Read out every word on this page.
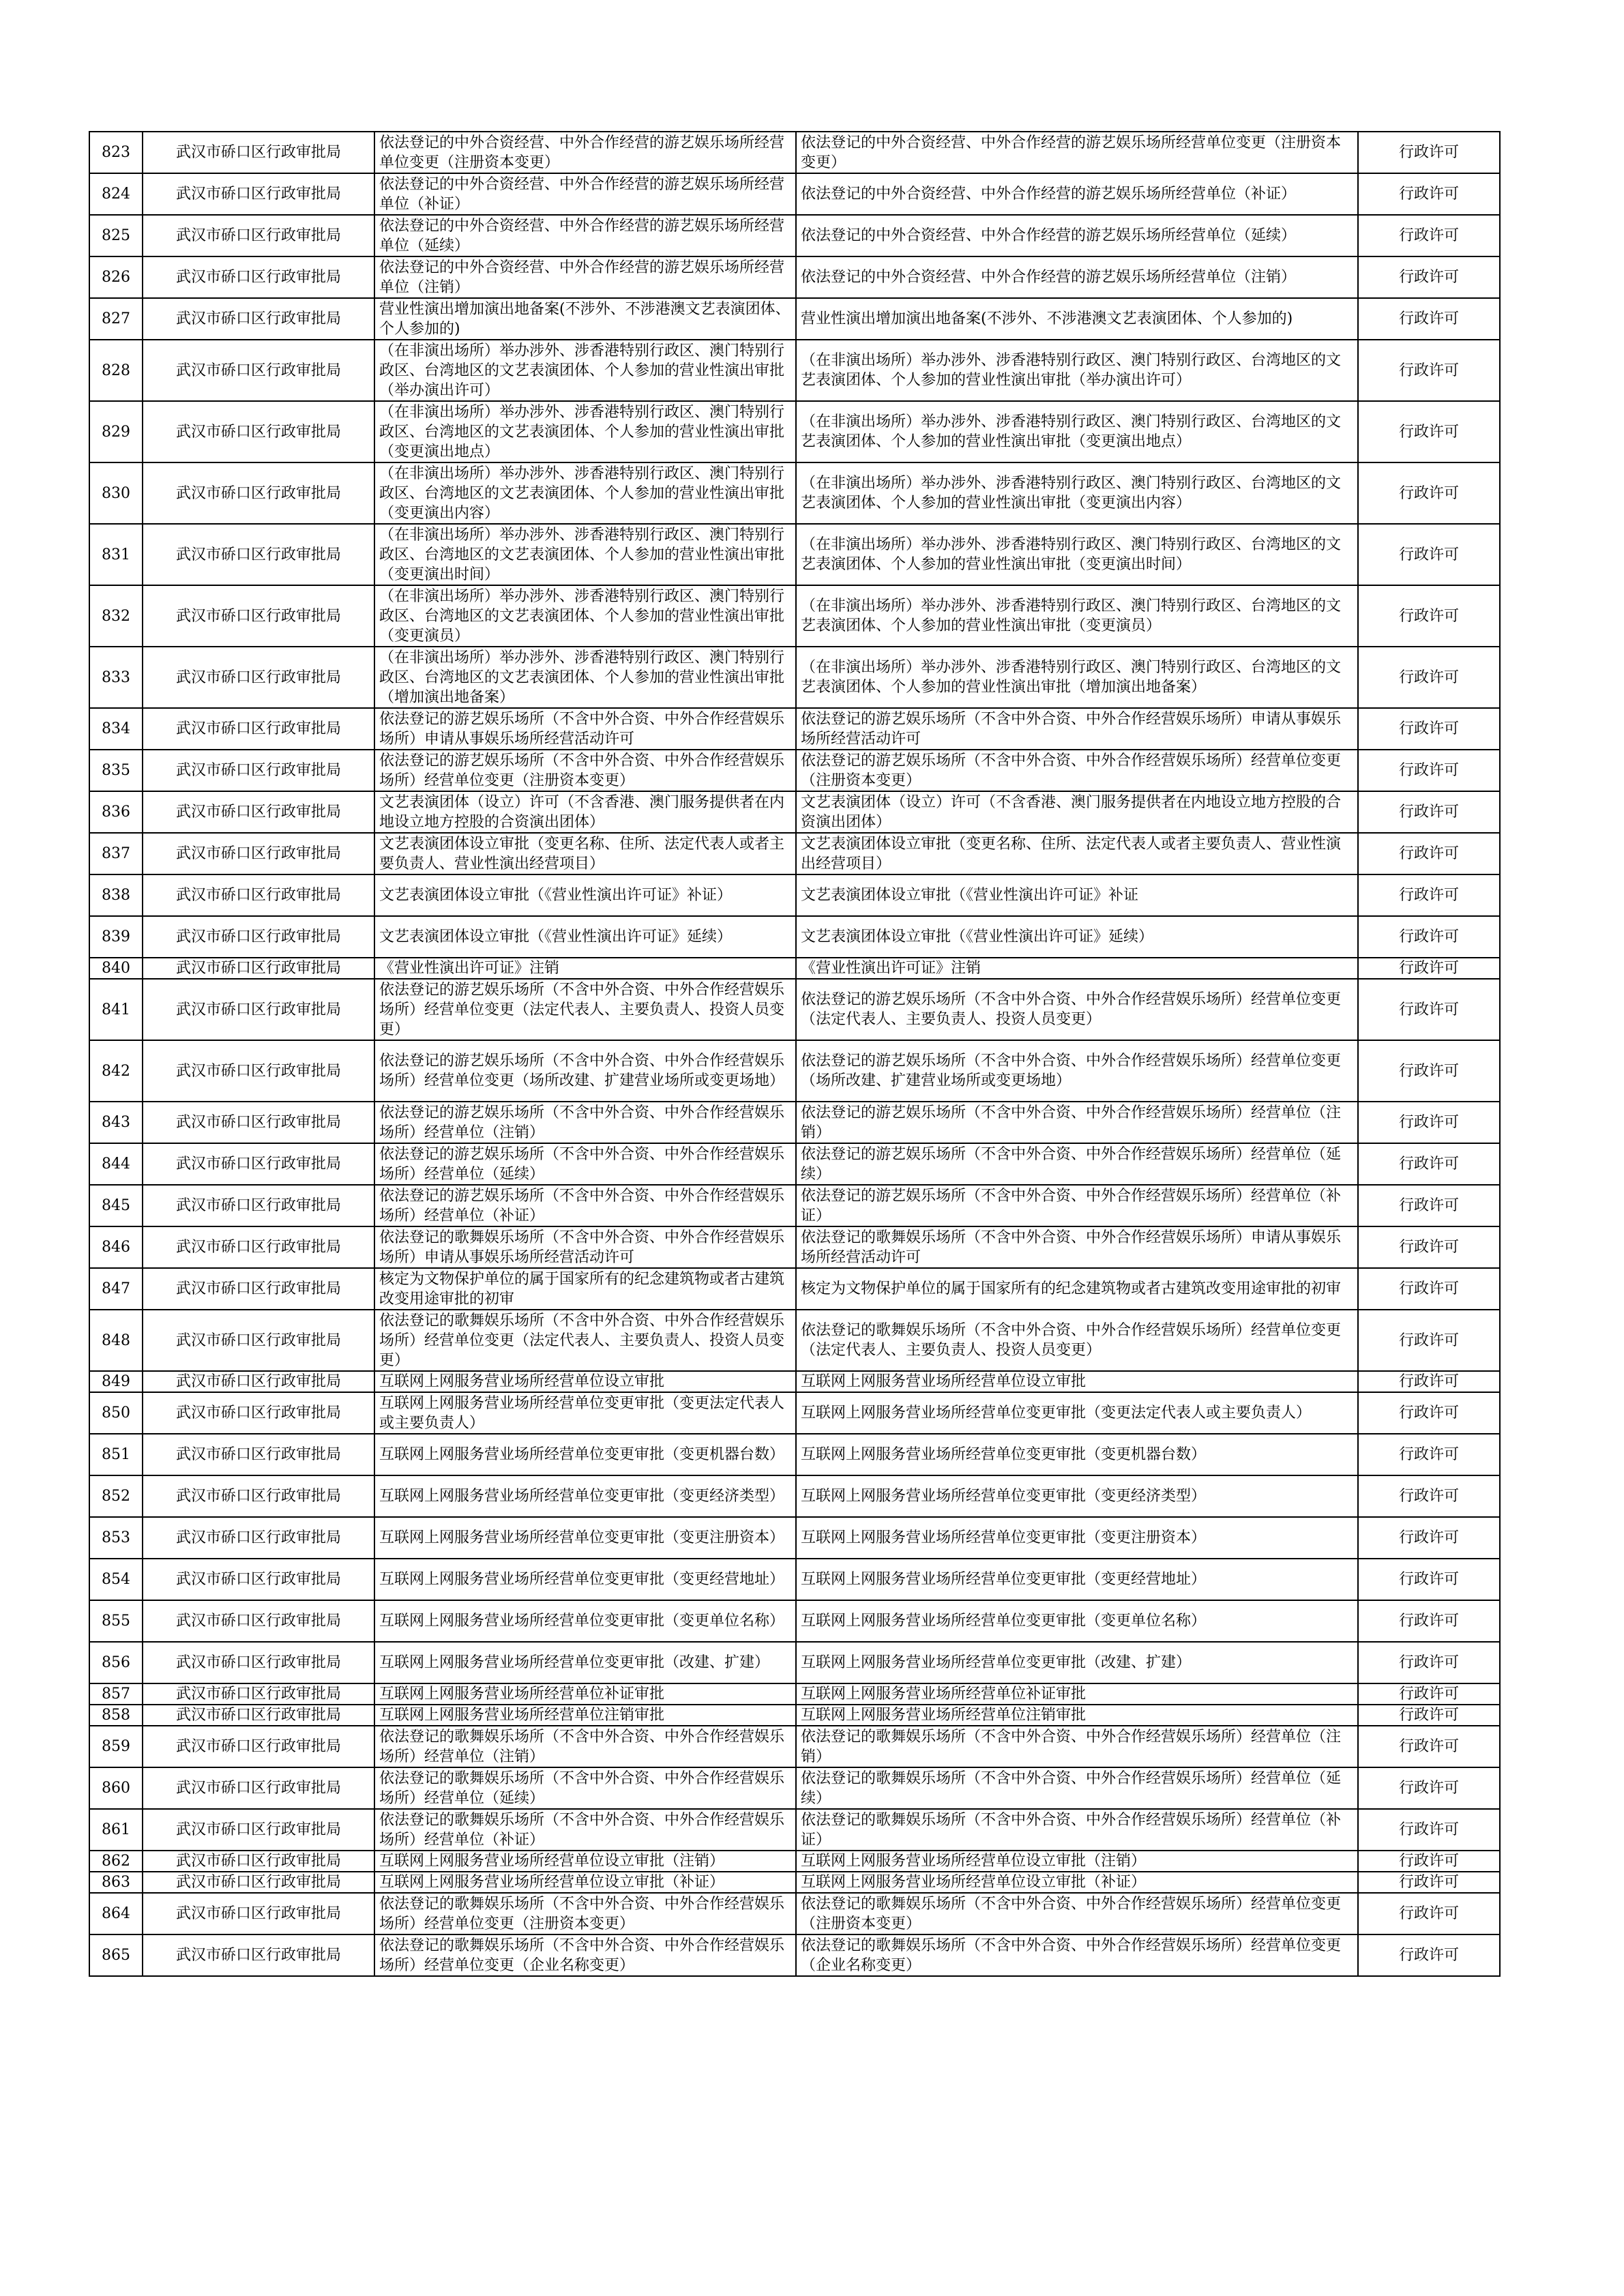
823	武汉市硚口区行政审批局	依法登记的中外合资经营、中外合作经营的游艺娱乐场所经营单位变更（注册资本变更）	依法登记的中外合资经营、中外合作经营的游艺娱乐场所经营单位变更（注册资本变更）	行政许可
824	武汉市硚口区行政审批局	依法登记的中外合资经营、中外合作经营的游艺娱乐场所经营单位（补证）	依法登记的中外合资经营、中外合作经营的游艺娱乐场所经营单位（补证）	行政许可
825	武汉市硚口区行政审批局	依法登记的中外合资经营、中外合作经营的游艺娱乐场所经营单位（延续）	依法登记的中外合资经营、中外合作经营的游艺娱乐场所经营单位（延续）	行政许可
826	武汉市硚口区行政审批局	依法登记的中外合资经营、中外合作经营的游艺娱乐场所经营单位（注销）	依法登记的中外合资经营、中外合作经营的游艺娱乐场所经营单位（注销）	行政许可
827	武汉市硚口区行政审批局	营业性演出增加演出地备案(不涉外、不涉港澳文艺表演团体、个人参加的)	营业性演出增加演出地备案(不涉外、不涉港澳文艺表演团体、个人参加的)	行政许可
828	武汉市硚口区行政审批局	（在非演出场所）举办涉外、涉香港特别行政区、澳门特别行政区、台湾地区的文艺表演团体、个人参加的营业性演出审批（举办演出许可）	（在非演出场所）举办涉外、涉香港特别行政区、澳门特别行政区、台湾地区的文艺表演团体、个人参加的营业性演出审批（举办演出许可）	行政许可
829	武汉市硚口区行政审批局	（在非演出场所）举办涉外、涉香港特别行政区、澳门特别行政区、台湾地区的文艺表演团体、个人参加的营业性演出审批（变更演出地点）	（在非演出场所）举办涉外、涉香港特别行政区、澳门特别行政区、台湾地区的文艺表演团体、个人参加的营业性演出审批（变更演出地点）	行政许可
830	武汉市硚口区行政审批局	（在非演出场所）举办涉外、涉香港特别行政区、澳门特别行政区、台湾地区的文艺表演团体、个人参加的营业性演出审批（变更演出内容）	（在非演出场所）举办涉外、涉香港特别行政区、澳门特别行政区、台湾地区的文艺表演团体、个人参加的营业性演出审批（变更演出内容）	行政许可
831	武汉市硚口区行政审批局	（在非演出场所）举办涉外、涉香港特别行政区、澳门特别行政区、台湾地区的文艺表演团体、个人参加的营业性演出审批（变更演出时间）	（在非演出场所）举办涉外、涉香港特别行政区、澳门特别行政区、台湾地区的文艺表演团体、个人参加的营业性演出审批（变更演出时间）	行政许可
832	武汉市硚口区行政审批局	（在非演出场所）举办涉外、涉香港特别行政区、澳门特别行政区、台湾地区的文艺表演团体、个人参加的营业性演出审批（变更演员）	（在非演出场所）举办涉外、涉香港特别行政区、澳门特别行政区、台湾地区的文艺表演团体、个人参加的营业性演出审批（变更演员）	行政许可
833	武汉市硚口区行政审批局	（在非演出场所）举办涉外、涉香港特别行政区、澳门特别行政区、台湾地区的文艺表演团体、个人参加的营业性演出审批（增加演出地备案）	（在非演出场所）举办涉外、涉香港特别行政区、澳门特别行政区、台湾地区的文艺表演团体、个人参加的营业性演出审批（增加演出地备案）	行政许可
834	武汉市硚口区行政审批局	依法登记的游艺娱乐场所（不含中外合资、中外合作经营娱乐场所）申请从事娱乐场所经营活动许可	依法登记的游艺娱乐场所（不含中外合资、中外合作经营娱乐场所）申请从事娱乐场所经营活动许可	行政许可
835	武汉市硚口区行政审批局	依法登记的游艺娱乐场所（不含中外合资、中外合作经营娱乐场所）经营单位变更（注册资本变更）	依法登记的游艺娱乐场所（不含中外合资、中外合作经营娱乐场所）经营单位变更（注册资本变更）	行政许可
836	武汉市硚口区行政审批局	文艺表演团体（设立）许可（不含香港、澳门服务提供者在内地设立地方控股的合资演出团体）	文艺表演团体（设立）许可（不含香港、澳门服务提供者在内地设立地方控股的合资演出团体）	行政许可
837	武汉市硚口区行政审批局	文艺表演团体设立审批（变更名称、住所、法定代表人或者主要负责人、营业性演出经营项目）	文艺表演团体设立审批（变更名称、住所、法定代表人或者主要负责人、营业性演出经营项目）	行政许可
838	武汉市硚口区行政审批局	文艺表演团体设立审批（《营业性演出许可证》补证）	文艺表演团体设立审批（《营业性演出许可证》补证	行政许可
839	武汉市硚口区行政审批局	文艺表演团体设立审批（《营业性演出许可证》延续）	文艺表演团体设立审批（《营业性演出许可证》延续）	行政许可
840	武汉市硚口区行政审批局	《营业性演出许可证》注销	《营业性演出许可证》注销	行政许可
841	武汉市硚口区行政审批局	依法登记的游艺娱乐场所（不含中外合资、中外合作经营娱乐场所）经营单位变更（法定代表人、主要负责人、投资人员变更）	依法登记的游艺娱乐场所（不含中外合资、中外合作经营娱乐场所）经营单位变更（法定代表人、主要负责人、投资人员变更）	行政许可
842	武汉市硚口区行政审批局	依法登记的游艺娱乐场所（不含中外合资、中外合作经营娱乐场所）经营单位变更（场所改建、扩建营业场所或变更场地）	依法登记的游艺娱乐场所（不含中外合资、中外合作经营娱乐场所）经营单位变更（场所改建、扩建营业场所或变更场地）	行政许可
843	武汉市硚口区行政审批局	依法登记的游艺娱乐场所（不含中外合资、中外合作经营娱乐场所）经营单位（注销）	依法登记的游艺娱乐场所（不含中外合资、中外合作经营娱乐场所）经营单位（注销）	行政许可
844	武汉市硚口区行政审批局	依法登记的游艺娱乐场所（不含中外合资、中外合作经营娱乐场所）经营单位（延续）	依法登记的游艺娱乐场所（不含中外合资、中外合作经营娱乐场所）经营单位（延续）	行政许可
845	武汉市硚口区行政审批局	依法登记的游艺娱乐场所（不含中外合资、中外合作经营娱乐场所）经营单位（补证）	依法登记的游艺娱乐场所（不含中外合资、中外合作经营娱乐场所）经营单位（补证）	行政许可
846	武汉市硚口区行政审批局	依法登记的歌舞娱乐场所（不含中外合资、中外合作经营娱乐场所）申请从事娱乐场所经营活动许可	依法登记的歌舞娱乐场所（不含中外合资、中外合作经营娱乐场所）申请从事娱乐场所经营活动许可	行政许可
847	武汉市硚口区行政审批局	核定为文物保护单位的属于国家所有的纪念建筑物或者古建筑改变用途审批的初审	核定为文物保护单位的属于国家所有的纪念建筑物或者古建筑改变用途审批的初审	行政许可
848	武汉市硚口区行政审批局	依法登记的歌舞娱乐场所（不含中外合资、中外合作经营娱乐场所）经营单位变更（法定代表人、主要负责人、投资人员变更）	依法登记的歌舞娱乐场所（不含中外合资、中外合作经营娱乐场所）经营单位变更（法定代表人、主要负责人、投资人员变更）	行政许可
849	武汉市硚口区行政审批局	互联网上网服务营业场所经营单位设立审批	互联网上网服务营业场所经营单位设立审批	行政许可
850	武汉市硚口区行政审批局	互联网上网服务营业场所经营单位变更审批（变更法定代表人或主要负责人）	互联网上网服务营业场所经营单位变更审批（变更法定代表人或主要负责人）	行政许可
851	武汉市硚口区行政审批局	互联网上网服务营业场所经营单位变更审批（变更机器台数）	互联网上网服务营业场所经营单位变更审批（变更机器台数）	行政许可
852	武汉市硚口区行政审批局	互联网上网服务营业场所经营单位变更审批（变更经济类型）	互联网上网服务营业场所经营单位变更审批（变更经济类型）	行政许可
853	武汉市硚口区行政审批局	互联网上网服务营业场所经营单位变更审批（变更注册资本）	互联网上网服务营业场所经营单位变更审批（变更注册资本）	行政许可
854	武汉市硚口区行政审批局	互联网上网服务营业场所经营单位变更审批（变更经营地址）	互联网上网服务营业场所经营单位变更审批（变更经营地址）	行政许可
855	武汉市硚口区行政审批局	互联网上网服务营业场所经营单位变更审批（变更单位名称）	互联网上网服务营业场所经营单位变更审批（变更单位名称）	行政许可
856	武汉市硚口区行政审批局	互联网上网服务营业场所经营单位变更审批（改建、扩建）	互联网上网服务营业场所经营单位变更审批（改建、扩建）	行政许可
857	武汉市硚口区行政审批局	互联网上网服务营业场所经营单位补证审批	互联网上网服务营业场所经营单位补证审批	行政许可
858	武汉市硚口区行政审批局	互联网上网服务营业场所经营单位注销审批	互联网上网服务营业场所经营单位注销审批	行政许可
859	武汉市硚口区行政审批局	依法登记的歌舞娱乐场所（不含中外合资、中外合作经营娱乐场所）经营单位（注销）	依法登记的歌舞娱乐场所（不含中外合资、中外合作经营娱乐场所）经营单位（注销）	行政许可
860	武汉市硚口区行政审批局	依法登记的歌舞娱乐场所（不含中外合资、中外合作经营娱乐场所）经营单位（延续）	依法登记的歌舞娱乐场所（不含中外合资、中外合作经营娱乐场所）经营单位（延续）	行政许可
861	武汉市硚口区行政审批局	依法登记的歌舞娱乐场所（不含中外合资、中外合作经营娱乐场所）经营单位（补证）	依法登记的歌舞娱乐场所（不含中外合资、中外合作经营娱乐场所）经营单位（补证）	行政许可
862	武汉市硚口区行政审批局	互联网上网服务营业场所经营单位设立审批（注销）	互联网上网服务营业场所经营单位设立审批（注销）	行政许可
863	武汉市硚口区行政审批局	互联网上网服务营业场所经营单位设立审批（补证）	互联网上网服务营业场所经营单位设立审批（补证）	行政许可
864	武汉市硚口区行政审批局	依法登记的歌舞娱乐场所（不含中外合资、中外合作经营娱乐场所）经营单位变更（注册资本变更）	依法登记的歌舞娱乐场所（不含中外合资、中外合作经营娱乐场所）经营单位变更（注册资本变更）	行政许可
865	武汉市硚口区行政审批局	依法登记的歌舞娱乐场所（不含中外合资、中外合作经营娱乐场所）经营单位变更（企业名称变更）	依法登记的歌舞娱乐场所（不含中外合资、中外合作经营娱乐场所）经营单位变更（企业名称变更）	行政许可
